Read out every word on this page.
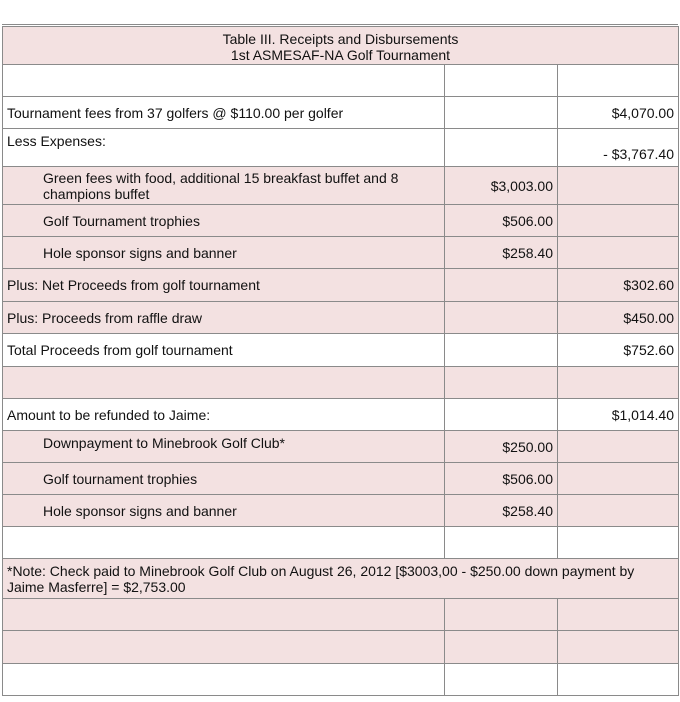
Table III. Receipts and Disbursements
1st ASMESAF-NA Golf Tournament		

Tournament fees from 37 golfers @ $110.00 per golfer		$4,070.00
Less Expenses:		- $3,767.40
Green fees with food, additional 15 breakfast buffet and 8 champions buffet	$3,003.00	
Golf Tournament trophies	$506.00	
Hole sponsor signs and banner	$258.40	
Plus: Net Proceeds from golf tournament		$302.60
Plus: Proceeds from raffle draw		$450.00
Total Proceeds from golf tournament		$752.60

Amount to be refunded to Jaime:		$1,014.40
Downpayment to Minebrook Golf Club*	$250.00	
Golf tournament trophies	$506.00	
Hole sponsor signs and banner	$258.40	

*Note: Check paid to Minebrook Golf Club on August 26, 2012 [$3003,00 - $250.00 down payment by Jaime Masferre] = $2,753.00		
